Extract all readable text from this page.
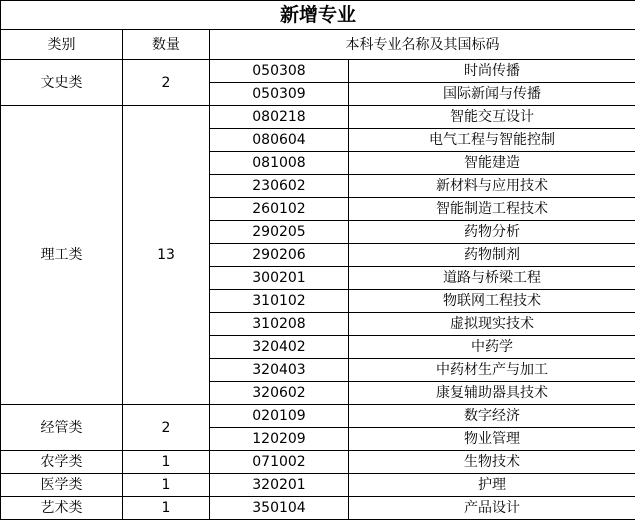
新增专业			
类别	数量	本科专业名称及其国标码	
文史类	2	050308	时尚传播
		050309	国际新闻与传播
理工类	13	080218	智能交互设计
		080604	电气工程与智能控制
		081008	智能建造
		230602	新材料与应用技术
		260102	智能制造工程技术
		290205	药物分析
		290206	药物制剂
		300201	道路与桥梁工程
		310102	物联网工程技术
		310208	虚拟现实技术
		320402	中药学
		320403	中药材生产与加工
		320602	康复辅助器具技术
经管类	2	020109	数字经济
		120209	物业管理
农学类	1	071002	生物技术
医学类	1	320201	护理
艺术类	1	350104	产品设计
